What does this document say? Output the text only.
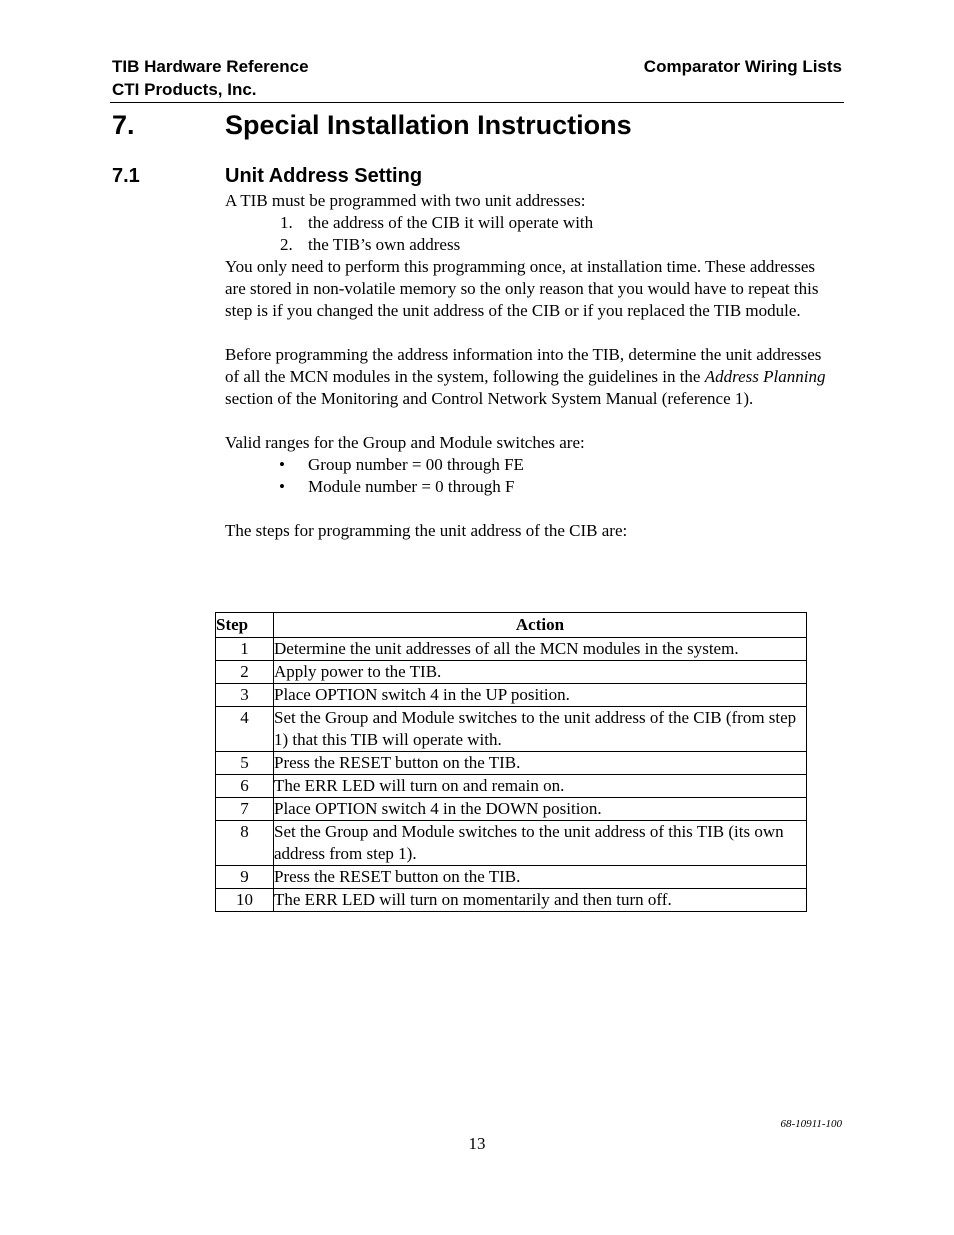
TIB Hardware Reference
CTI Products, Inc.
Comparator Wiring Lists
7.	Special Installation Instructions
7.1	Unit Address Setting

A TIB must be programmed with two unit addresses:

1. the address of the CIB it will operate with
2. the TIB’s own address

You only need to perform this programming once, at installation time. These addresses are stored in non-volatile memory so the only reason that you would have to repeat this step is if you changed the unit address of the CIB or if you replaced the TIB module.

Before programming the address information into the TIB, determine the unit addresses of all the MCN modules in the system, following the guidelines in the Address Planning section of the Monitoring and Control Network System Manual (reference 1).

Valid ranges for the Group and Module switches are:

• Group number = 00 through FE
• Module number = 0 through F

The steps for programming the unit address of the CIB are:

Step	Action
1	Determine the unit addresses of all the MCN modules in the system.
2	Apply power to the TIB.
3	Place OPTION switch 4 in the UP position.
4	Set the Group and Module switches to the unit address of the CIB (from step 1) that this TIB will operate with.
5	Press the RESET button on the TIB.
6	The ERR LED will turn on and remain on.
7	Place OPTION switch 4 in the DOWN position.
8	Set the Group and Module switches to the unit address of this TIB (its own address from step 1).
9	Press the RESET button on the TIB.
10	The ERR LED will turn on momentarily and then turn off.
68-10911-100
13
